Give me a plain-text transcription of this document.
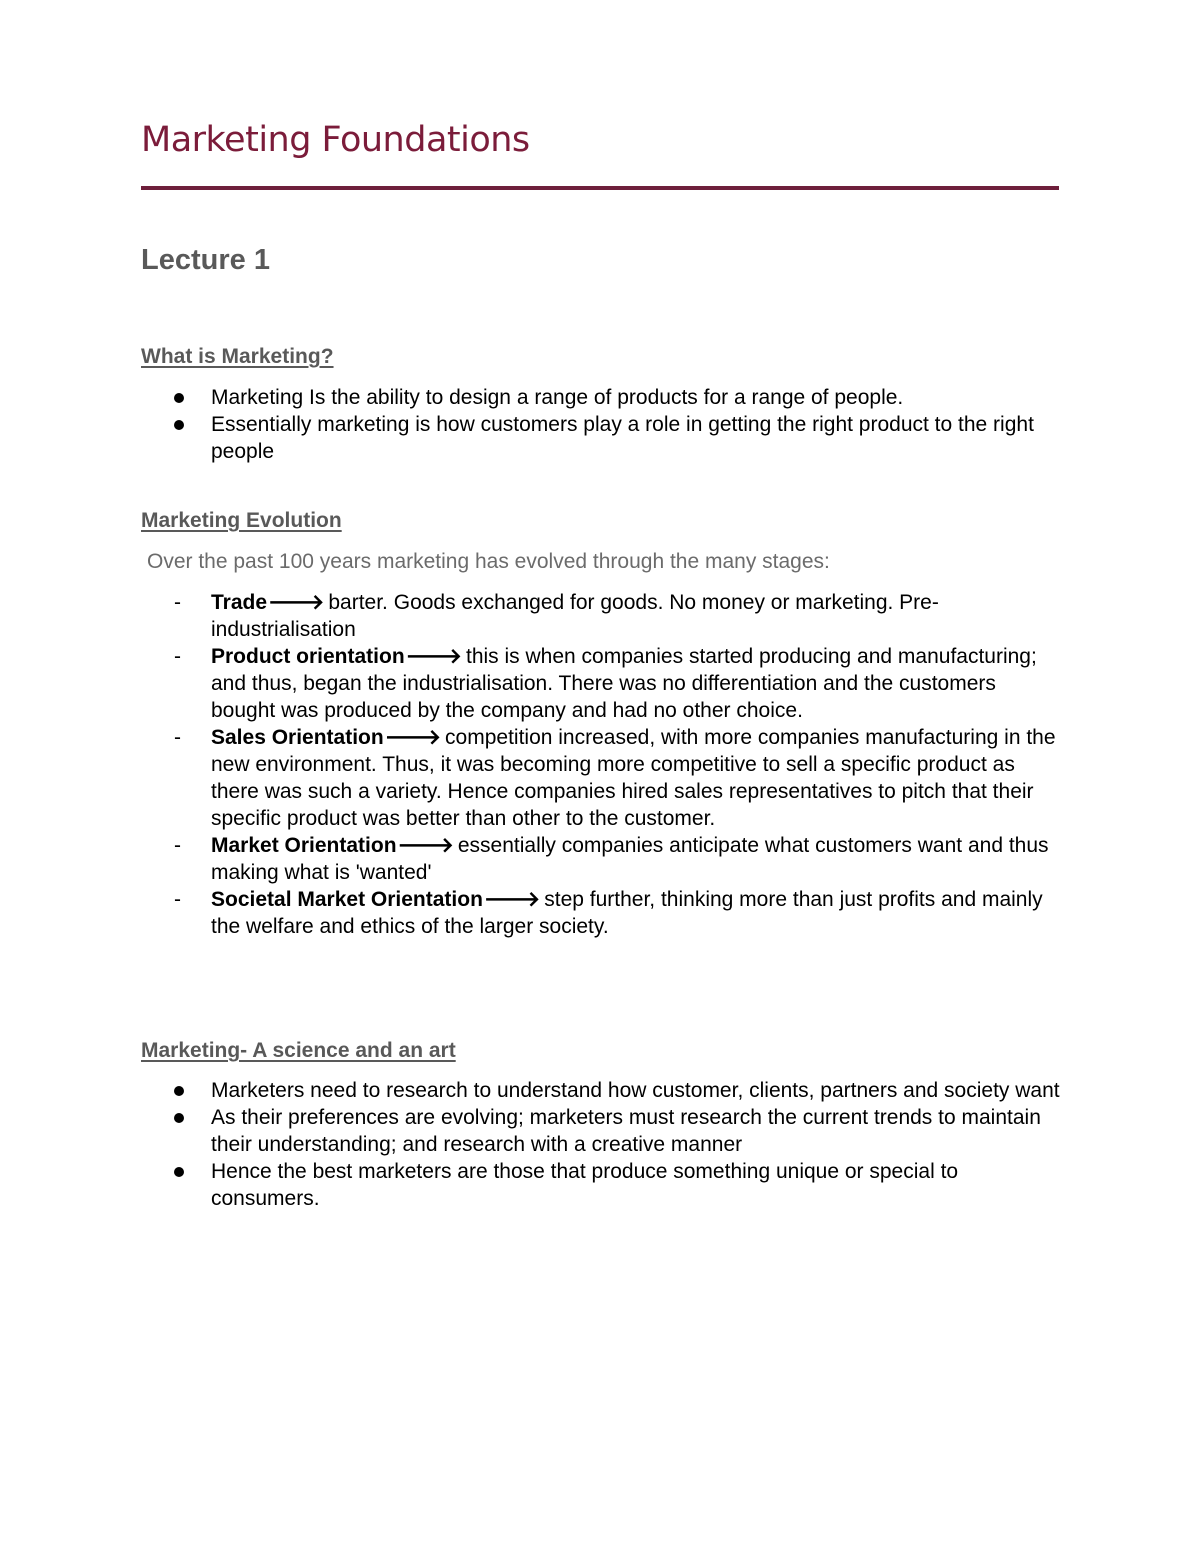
Marketing Foundations
Lecture 1
What is Marketing?
Marketing Is the ability to design a range of products for a range of people.
Essentially marketing is how customers play a role in getting the right product to the right people
Marketing Evolution

Over the past 100 years marketing has evolved through the many stages:

-	Trade🡒 barter. Goods exchanged for goods. No money or marketing. Pre-industrialisation
-	Product orientation🡒 this is when companies started producing and manufacturing; and thus, began the industrialisation. There was no differentiation and the customers bought was produced by the company and had no other choice.
-	Sales Orientation🡒 competition increased, with more companies manufacturing in the new environment. Thus, it was becoming more competitive to sell a specific product as there was such a variety. Hence companies hired sales representatives to pitch that their specific product was better than other to the customer.
-	Market Orientation🡒 essentially companies anticipate what customers want and thus making what is 'wanted'
-	Societal Market Orientation🡒 step further, thinking more than just profits and mainly the welfare and ethics of the larger society.
Marketing- A science and an art
Marketers need to research to understand how customer, clients, partners and society want
As their preferences are evolving; marketers must research the current trends to maintain their understanding; and research with a creative manner
Hence the best marketers are those that produce something unique or special to consumers.
